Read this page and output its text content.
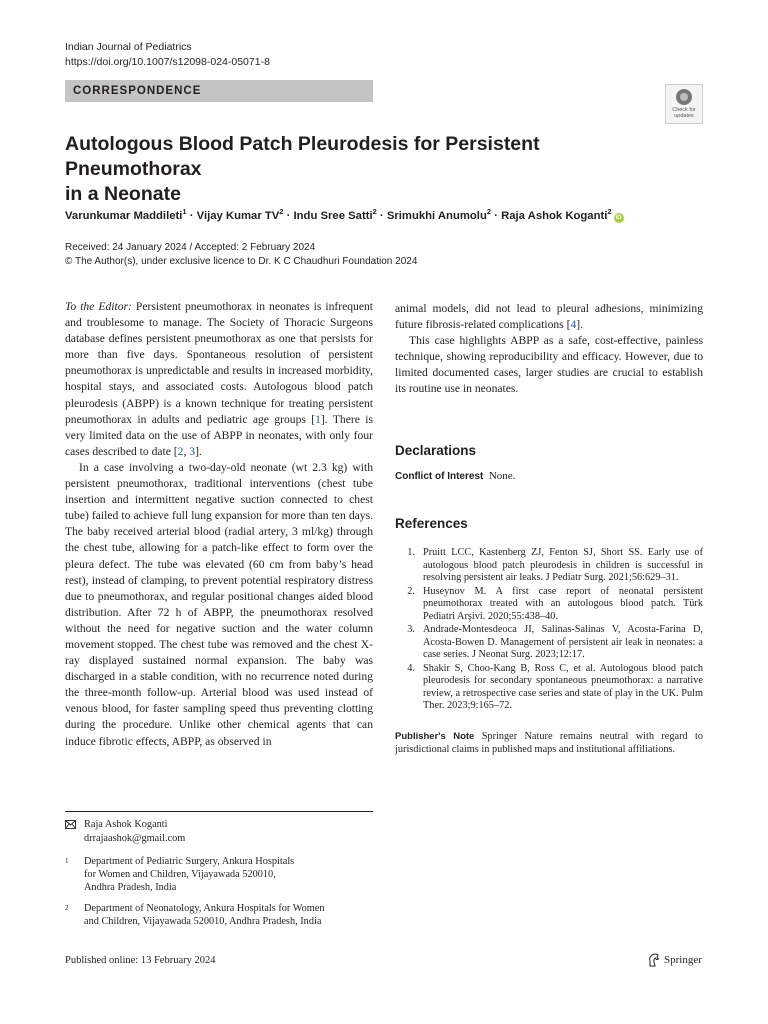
Indian Journal of Pediatrics
https://doi.org/10.1007/s12098-024-05071-8
CORRESPONDENCE
Check for
updates
Autologous Blood Patch Pleurodesis for Persistent Pneumothorax
in a Neonate
Varunkumar Maddileti$^1$ · Vijay Kumar $TV^2$ · Indu Sree Satti$^2$ · Srimukhi Anumolu$^2$ · Raja Ashok Koganti$^2$iD
Received: 24 January 2024 / Accepted: 2 February 2024
© The Author(s), under exclusive licence to Dr. K C Chaudhuri Foundation 2024

To the Editor: Persistent pneumothorax in neonates is infrequent and troublesome to manage. The Society of Thoracic Surgeons database defines persistent pneumothorax as one that persists for more than five days. Spontaneous resolution of persistent pneumothorax is unpredictable and results in increased morbidity, hospital stays, and associated costs. Autologous blood patch pleurodesis (ABPP) is a known technique for treating persistent pneumothorax in adults and pediatric age groups [1]. There is very limited data on the use of ABPP in neonates, with only four cases described to date [2, 3].

In a case involving a two-day-old neonate (wt 2.3 kg) with persistent pneumothorax, traditional interventions (chest tube insertion and intermittent negative suction connected to chest tube) failed to achieve full lung expansion for more than ten days. The baby received arterial blood (radial artery, 3 ml/kg) through the chest tube, allowing for a patch-like effect to form over the pleura defect. The tube was elevated (60 cm from baby’s head rest), instead of clamping, to prevent potential respiratory distress due to pneumothorax, and regular positional changes aided blood distribution. After 72 h of ABPP, the pneumothorax resolved without the need for negative suction and the water column movement stopped. The chest tube was removed and the chest X-ray displayed sustained normal expansion. The baby was discharged in a stable condition, with no recurrence noted during the three-month follow-up. Arterial blood was used instead of venous blood, for faster sampling speed thus preventing clotting during the procedure. Unlike other chemical agents that can induce fibrotic effects, ABPP, as observed in

animal models, did not lead to pleural adhesions, minimizing future fibrosis-related complications [4].

This case highlights ABPP as a safe, cost-effective, painless technique, showing reproducibility and efficacy. However, due to limited documented cases, larger studies are crucial to establish its routine use in neonates.

Declarations
Conflict of Interest None.
References
1. Pruitt LCC, Kastenberg ZJ, Fenton SJ, Short SS. Early use of autologous blood patch pleurodesis in children is successful in resolving persistent air leaks. J Pediatr Surg. 2021;56:629–31.
2. Huseynov M. A first case report of neonatal persistent pneumothorax treated with an autologous blood patch. Türk Pediatri Arşivi. 2020;55:438–40.
3. Andrade-Montesdeoca JI, Salinas-Salinas V, Acosta-Farina D, Acosta-Bowen D. Management of persistent air leak in neonates: a case series. J Neonat Surg. 2023;12:17.
4. Shakir S, Choo-Kang B, Ross C, et al. Autologous blood patch pleurodesis for secondary spontaneous pneumothorax: a narrative review, a retrospective case series and state of play in the UK. Pulm Ther. 2023;9:165–72.
Publisher's Note Springer Nature remains neutral with regard to jurisdictional claims in published maps and institutional affiliations.
Raja Ashok Koganti
drrajaashok@gmail.com
1 Department of Pediatric Surgery, Ankura Hospitals
for Women and Children, Vijayawada 520010,
Andhra Pradesh, India
2 Department of Neonatology, Ankura Hospitals for Women
and Children, Vijayawada 520010, Andhra Pradesh, India
Published online: 13 February 2024	Springer
